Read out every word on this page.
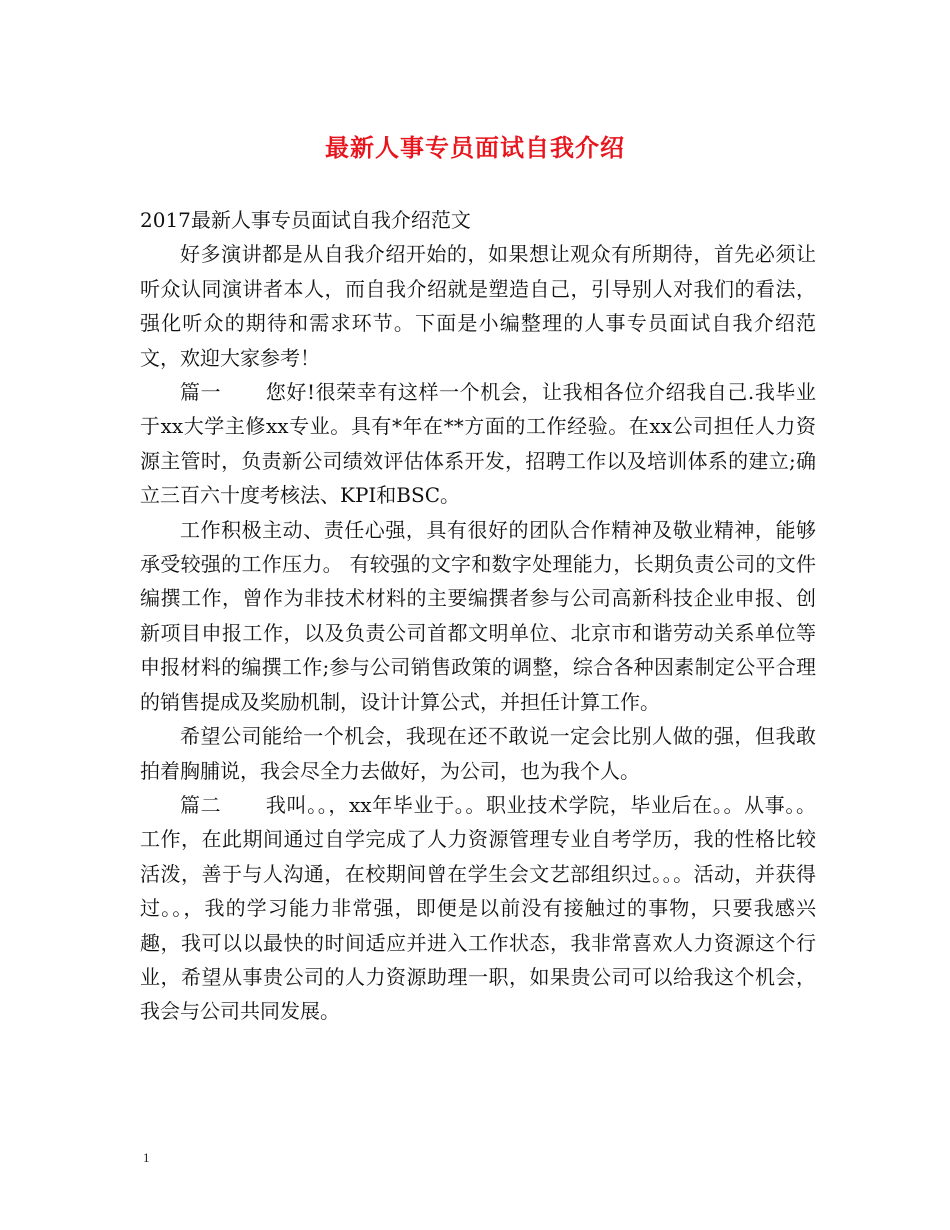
最新人事专员面试自我介绍

2017最新人事专员面试自我介绍范文

好多演讲都是从自我介绍开始的，如果想让观众有所期待，首先必须让听众认同演讲者本人，而自我介绍就是塑造自己，引导别人对我们的看法，强化听众的期待和需求环节。下面是小编整理的人事专员面试自我介绍范文，欢迎大家参考！

篇一 您好!很荣幸有这样一个机会，让我相各位介绍我自己.我毕业于xx大学主修xx专业。具有*年在**方面的工作经验。在xx公司担任人力资源主管时，负责新公司绩效评估体系开发，招聘工作以及培训体系的建立;确立三百六十度考核法、KPI和BSC。

工作积极主动、责任心强，具有很好的团队合作精神及敬业精神，能够承受较强的工作压力。 有较强的文字和数字处理能力，长期负责公司的文件编撰工作，曾作为非技术材料的主要编撰者参与公司高新科技企业申报、创新项目申报工作，以及负责公司首都文明单位、北京市和谐劳动关系单位等申报材料的编撰工作;参与公司销售政策的调整，综合各种因素制定公平合理的销售提成及奖励机制，设计计算公式，并担任计算工作。

希望公司能给一个机会，我现在还不敢说一定会比别人做的强，但我敢拍着胸脯说，我会尽全力去做好，为公司，也为我个人。

篇二 我叫。。，xx年毕业于。。职业技术学院，毕业后在。。从事。。工作，在此期间通过自学完成了人力资源管理专业自考学历，我的性格比较活泼，善于与人沟通，在校期间曾在学生会文艺部组织过。。。活动，并获得过。。，我的学习能力非常强，即便是以前没有接触过的事物，只要我感兴趣，我可以以最快的时间适应并进入工作状态，我非常喜欢人力资源这个行业，希望从事贵公司的人力资源助理一职，如果贵公司可以给我这个机会，我会与公司共同发展。

1
